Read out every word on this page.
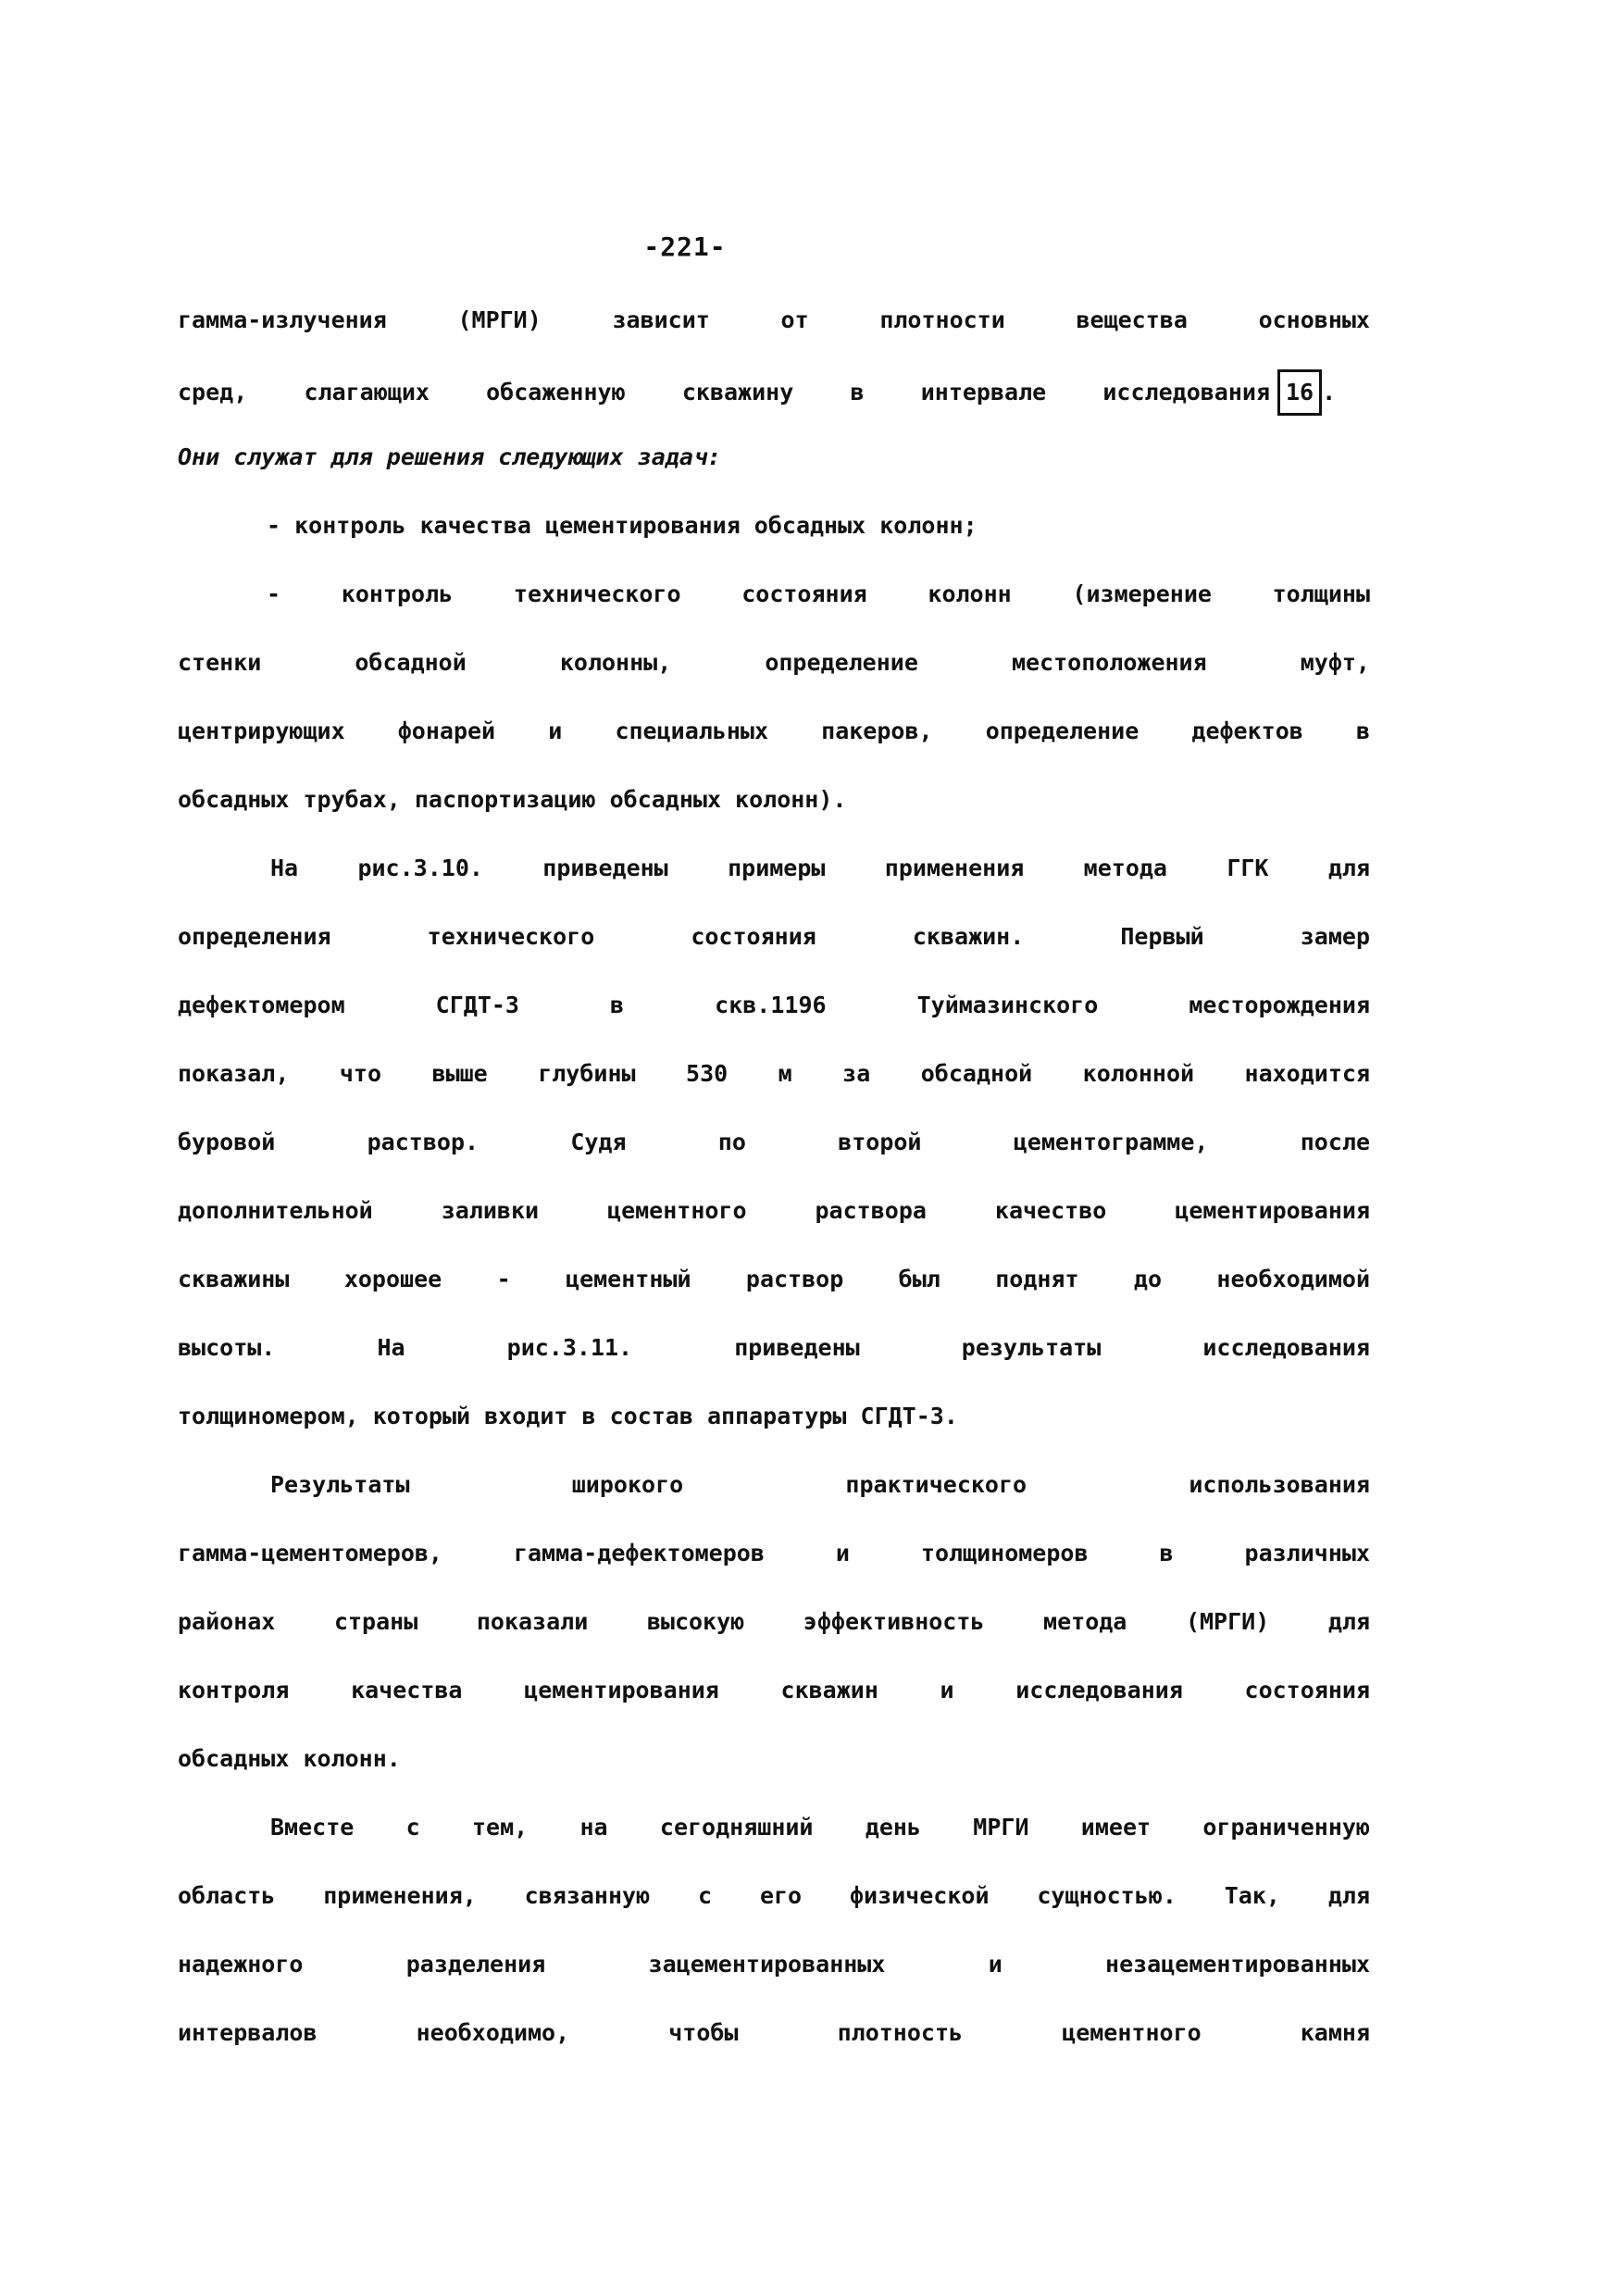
-221-
гамма-излучения (МРГИ) зависит от плотности вещества основных
сред, слагающих обсаженную скважину в интервале исследования 16 .
Они служат для решения следующих задач:
- контроль качества цементирования обсадных колонн;
- контроль технического состояния колонн (измерение толщины
стенки обсадной колонны, определение местоположения муфт,
центрирующих фонарей и специальных пакеров, определение дефектов в
обсадных трубах, паспортизацию обсадных колонн).
На рис.3.10. приведены примеры применения метода ГГК для
определения технического состояния скважин. Первый замер
дефектомером СГДТ-3 в скв.1196 Туймазинского месторождения
показал, что выше глубины 530 м за обсадной колонной находится
буровой раствор. Судя по второй цементограмме, после
дополнительной заливки цементного раствора качество цементирования
скважины хорошее - цементный раствор был поднят до необходимой
высоты. На рис.3.11. приведены результаты исследования
толщиномером, который входит в состав аппаратуры СГДТ-3.
Результаты широкого практического использования
гамма-цементомеров, гамма-дефектомеров и толщиномеров в различных
районах страны показали высокую эффективность метода (МРГИ) для
контроля качества цементирования скважин и исследования состояния
обсадных колонн.
Вместе с тем, на сегодняшний день МРГИ имеет ограниченную
область применения, связанную с его физической сущностью. Так, для
надежного разделения зацементированных и незацементированных
интервалов необходимо, чтобы плотность цементного камня
